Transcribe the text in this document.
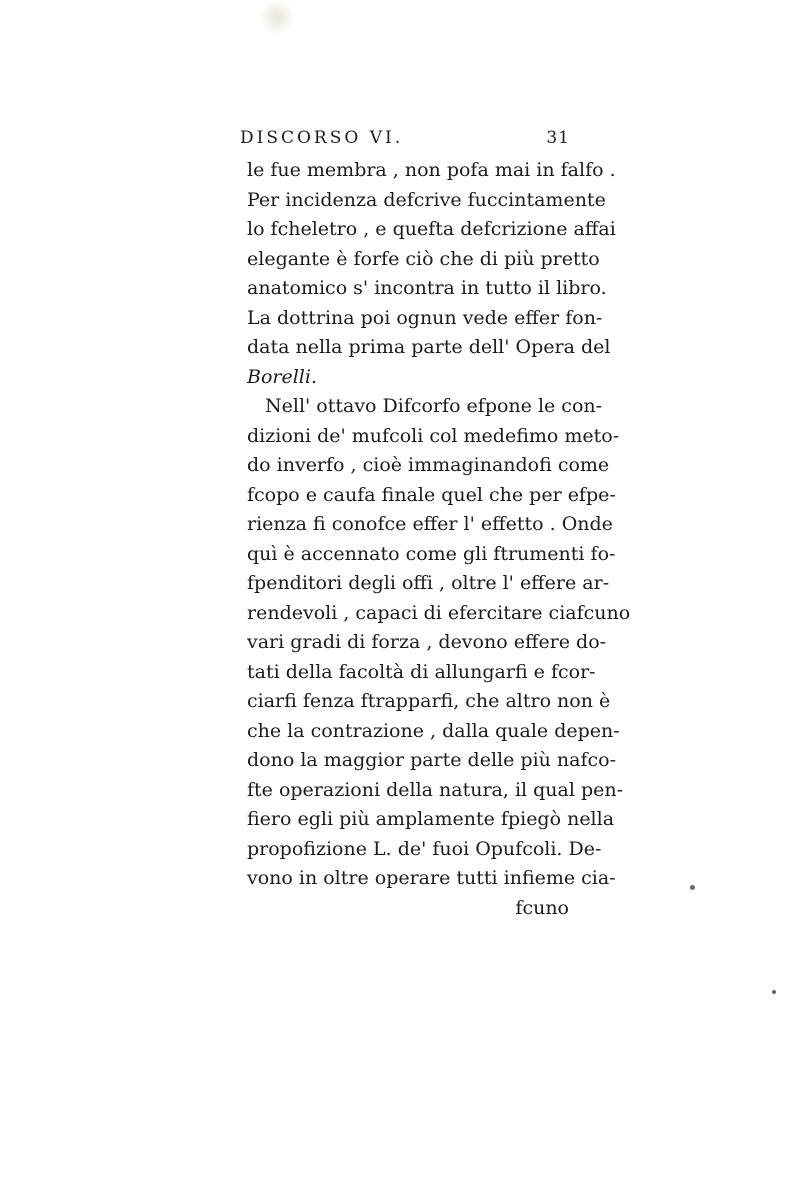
DISCORSO VI.	31
le fue membra , non pofa mai in falfo .
Per incidenza defcrive fuccintamente
lo fcheletro , e quefta defcrizione affai
elegante è forfe ciò che di più pretto
anatomico s' incontra in tutto il libro.
La dottrina poi ognun vede effer fon-
data nella prima parte dell' Opera del
Borelli.
Nell' ottavo Difcorfo efpone le con-
dizioni de' mufcoli col medefimo meto-
do inverfo , cioè immaginandofi come
fcopo e caufa finale quel che per efpe-
rienza fi conofce effer l' effetto . Onde
quì è accennato come gli ftrumenti fo-
fpenditori degli offi , oltre l' effere ar-
rendevoli , capaci di efercitare ciafcuno
vari gradi di forza , devono effere do-
tati della facoltà di allungarfi e fcor-
ciarfi fenza ftrapparfi, che altro non è
che la contrazione , dalla quale depen-
dono la maggior parte delle più nafco-
fte operazioni della natura, il qual pen-
fiero egli più amplamente fpiegò nella
propofizione L. de' fuoi Opufcoli. De-
vono in oltre operare tutti infieme cia-
fcuno
